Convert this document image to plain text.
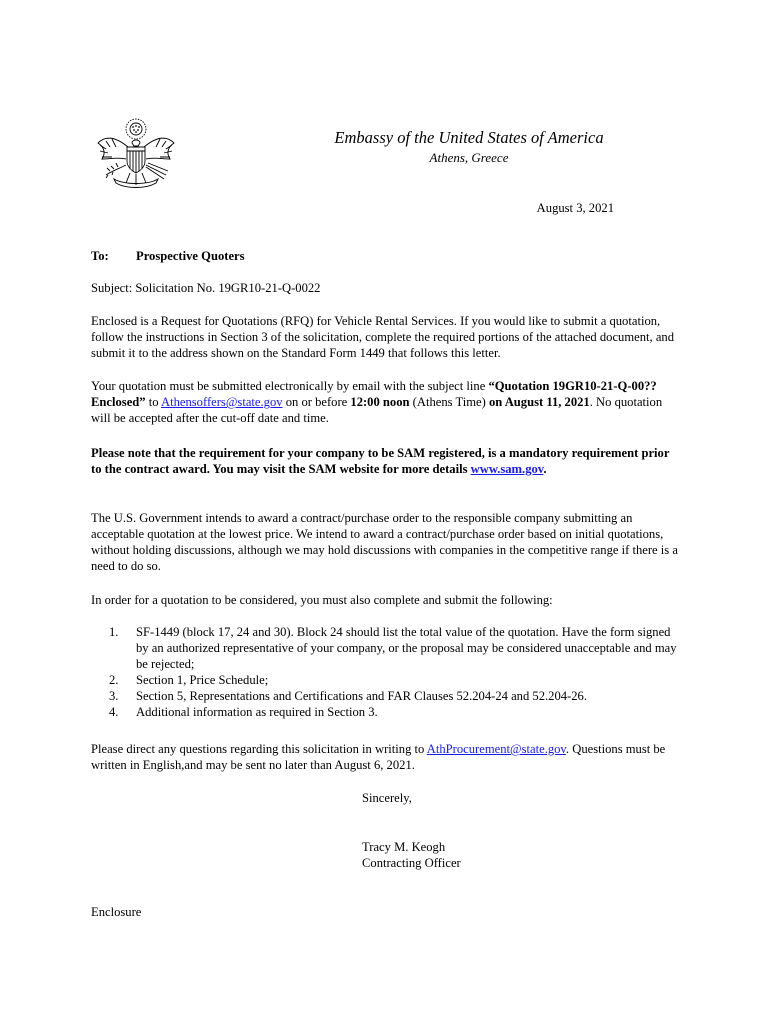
Embassy of the United States of America
Athens, Greece
August 3, 2021
To: Prospective Quoters

Subject: Solicitation No. 19GR10-21-Q-0022

Enclosed is a Request for Quotations (RFQ) for Vehicle Rental Services. If you would like to submit a quotation, follow the instructions in Section 3 of the solicitation, complete the required portions of the attached document, and submit it to the address shown on the Standard Form 1449 that follows this letter.

Your quotation must be submitted electronically by email with the subject line “Quotation 19GR10-21-Q-00?? Enclosed” to Athensoffers@state.gov on or before 12:00 noon (Athens Time) on August 11, 2021. No quotation will be accepted after the cut-off date and time.

Please note that the requirement for your company to be SAM registered, is a mandatory requirement prior to the contract award. You may visit the SAM website for more details www.sam.gov.

The U.S. Government intends to award a contract/purchase order to the responsible company submitting an acceptable quotation at the lowest price. We intend to award a contract/purchase order based on initial quotations, without holding discussions, although we may hold discussions with companies in the competitive range if there is a need to do so.

In order for a quotation to be considered, you must also complete and submit the following:

1. SF-1449 (block 17, 24 and 30). Block 24 should list the total value of the quotation. Have the form signed by an authorized representative of your company, or the proposal may be considered unacceptable and may be rejected;
2. Section 1, Price Schedule;
3. Section 5, Representations and Certifications and FAR Clauses 52.204-24 and 52.204-26.
4. Additional information as required in Section 3.

Please direct any questions regarding this solicitation in writing to AthProcurement@state.gov. Questions must be written in English,and may be sent no later than August 6, 2021.

Sincerely,
Tracy M. Keogh
Contracting Officer

Enclosure
